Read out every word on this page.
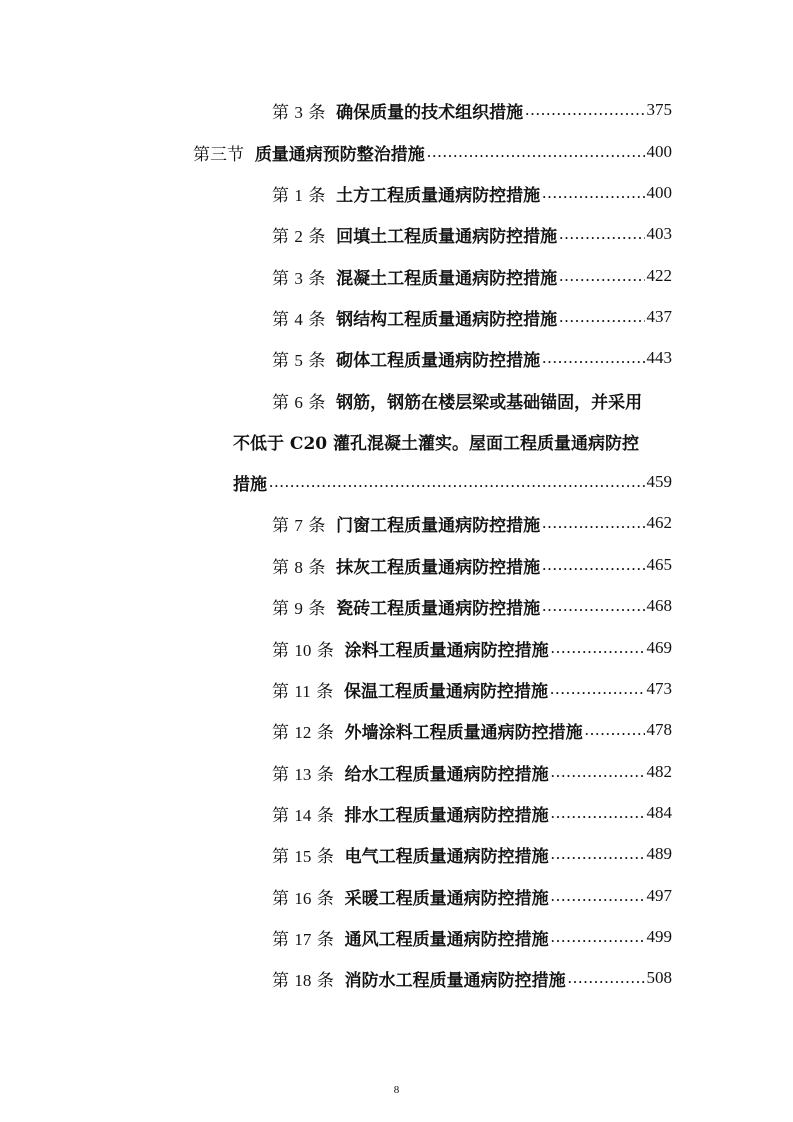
第 3 条 确保质量的技术组织措施 .....	375
第三节 质量通病预防整治措施 .....	400
第 1 条 土方工程质量通病防控措施 .....	400
第 2 条 回填土工程质量通病防控措施 .....	403
第 3 条 混凝土工程质量通病防控措施 .....	422
第 4 条 钢结构工程质量通病防控措施 .....	437
第 5 条 砌体工程质量通病防控措施 .....	443
第 6 条 钢筋，钢筋在楼层梁或基础锚固，并采用
不低于 C20 灌孔混凝土灌实。屋面工程质量通病防控
措施 .....	459
第 7 条 门窗工程质量通病防控措施 .....	462
第 8 条 抹灰工程质量通病防控措施 .....	465
第 9 条 瓷砖工程质量通病防控措施 .....	468
第 10 条 涂料工程质量通病防控措施 .....	469
第 11 条 保温工程质量通病防控措施 .....	473
第 12 条 外墙涂料工程质量通病防控措施 .....	478
第 13 条 给水工程质量通病防控措施 .....	482
第 14 条 排水工程质量通病防控措施 .....	484
第 15 条 电气工程质量通病防控措施 .....	489
第 16 条 采暖工程质量通病防控措施 .....	497
第 17 条 通风工程质量通病防控措施 .....	499
第 18 条 消防水工程质量通病防控措施 .....	508
8
